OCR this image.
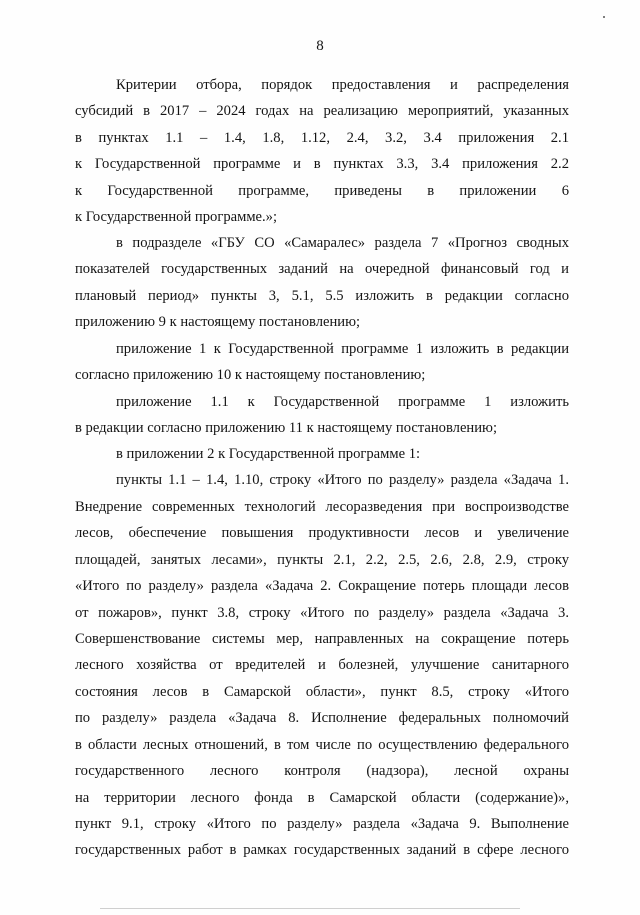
8
Критерии отбора, порядок предоставления и распределения
субсидий в 2017 – 2024 годах на реализацию мероприятий, указанных
в пунктах 1.1 – 1.4, 1.8, 1.12, 2.4, 3.2, 3.4 приложения 2.1
к Государственной программе и в пунктах 3.3, 3.4 приложения 2.2
к Государственной программе, приведены в приложении 6
к Государственной программе.»;
в подразделе «ГБУ СО «Самаралес» раздела 7 «Прогноз сводных
показателей государственных заданий на очередной финансовый год и
плановый период» пункты 3, 5.1, 5.5 изложить в редакции согласно
приложению 9 к настоящему постановлению;
приложение 1 к Государственной программе 1 изложить в редакции
согласно приложению 10 к настоящему постановлению;
приложение 1.1 к Государственной программе 1 изложить
в редакции согласно приложению 11 к настоящему постановлению;
в приложении 2 к Государственной программе 1:
пункты 1.1 – 1.4, 1.10, строку «Итого по разделу» раздела «Задача 1.
Внедрение современных технологий лесоразведения при воспроизводстве
лесов, обеспечение повышения продуктивности лесов и увеличение
площадей, занятых лесами», пункты 2.1, 2.2, 2.5, 2.6, 2.8, 2.9, строку
«Итого по разделу» раздела «Задача 2. Сокращение потерь площади лесов
от пожаров», пункт 3.8, строку «Итого по разделу» раздела «Задача 3.
Совершенствование системы мер, направленных на сокращение потерь
лесного хозяйства от вредителей и болезней, улучшение санитарного
состояния лесов в Самарской области», пункт 8.5, строку «Итого
по разделу» раздела «Задача 8. Исполнение федеральных полномочий
в области лесных отношений, в том числе по осуществлению федерального
государственного лесного контроля (надзора), лесной охраны
на территории лесного фонда в Самарской области (содержание)»,
пункт 9.1, строку «Итого по разделу» раздела «Задача 9. Выполнение
государственных работ в рамках государственных заданий в сфере лесного
